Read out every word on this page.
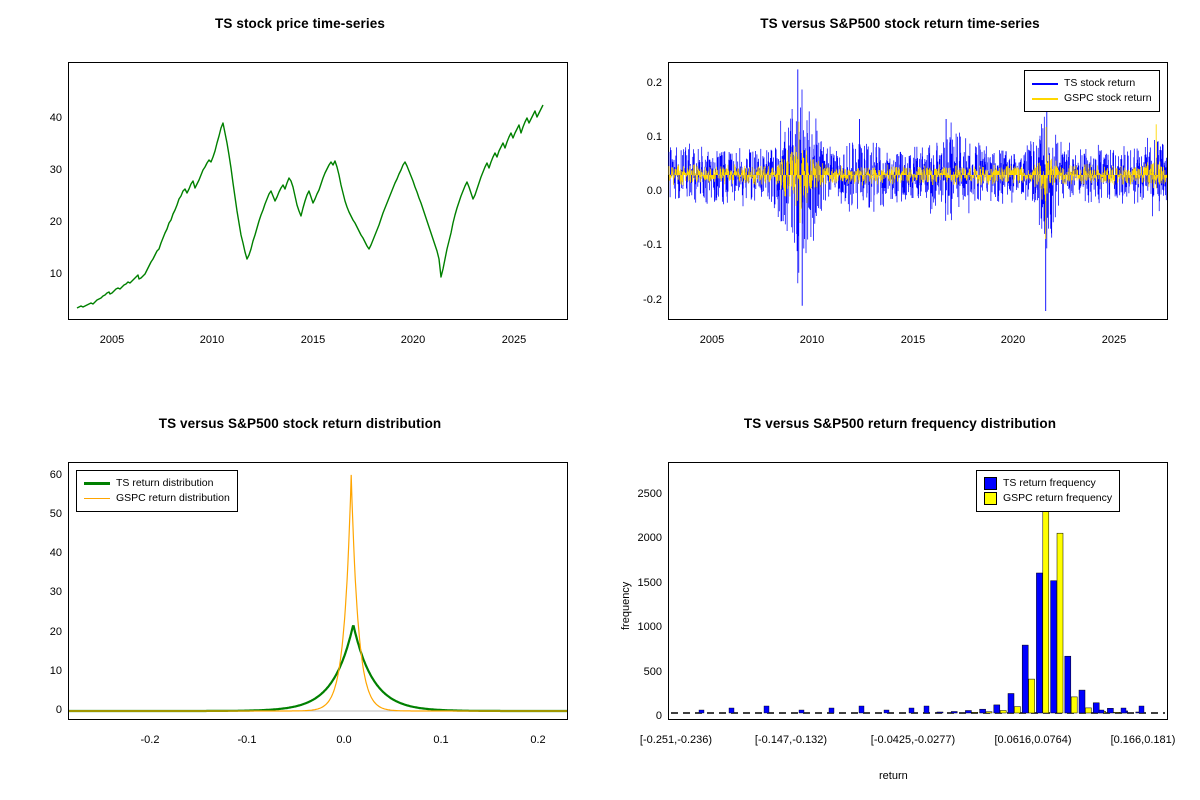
TS stock price time-series
10
20
30
40
2005	2010	2015	2020	2025
TS versus S&P500 stock return time-series
TS stock return
GSPC stock return
-0.2
-0.1
0.0
0.1
0.2
2005	2010	2015	2020	2025
TS versus S&P500 stock return distribution
TS return distribution
GSPC return distribution
0
10
20
30
40
50
60
-0.2	-0.1	0.0	0.1	0.2
TS versus S&P500 return frequency distribution
TS return frequency
GSPC return frequency
0
500
1000
1500
2000
2500
frequency
[-0.251,-0.236)	[-0.147,-0.132)	[-0.0425,-0.0277)	[0.0616,0.0764)	[0.166,0.181)
return
